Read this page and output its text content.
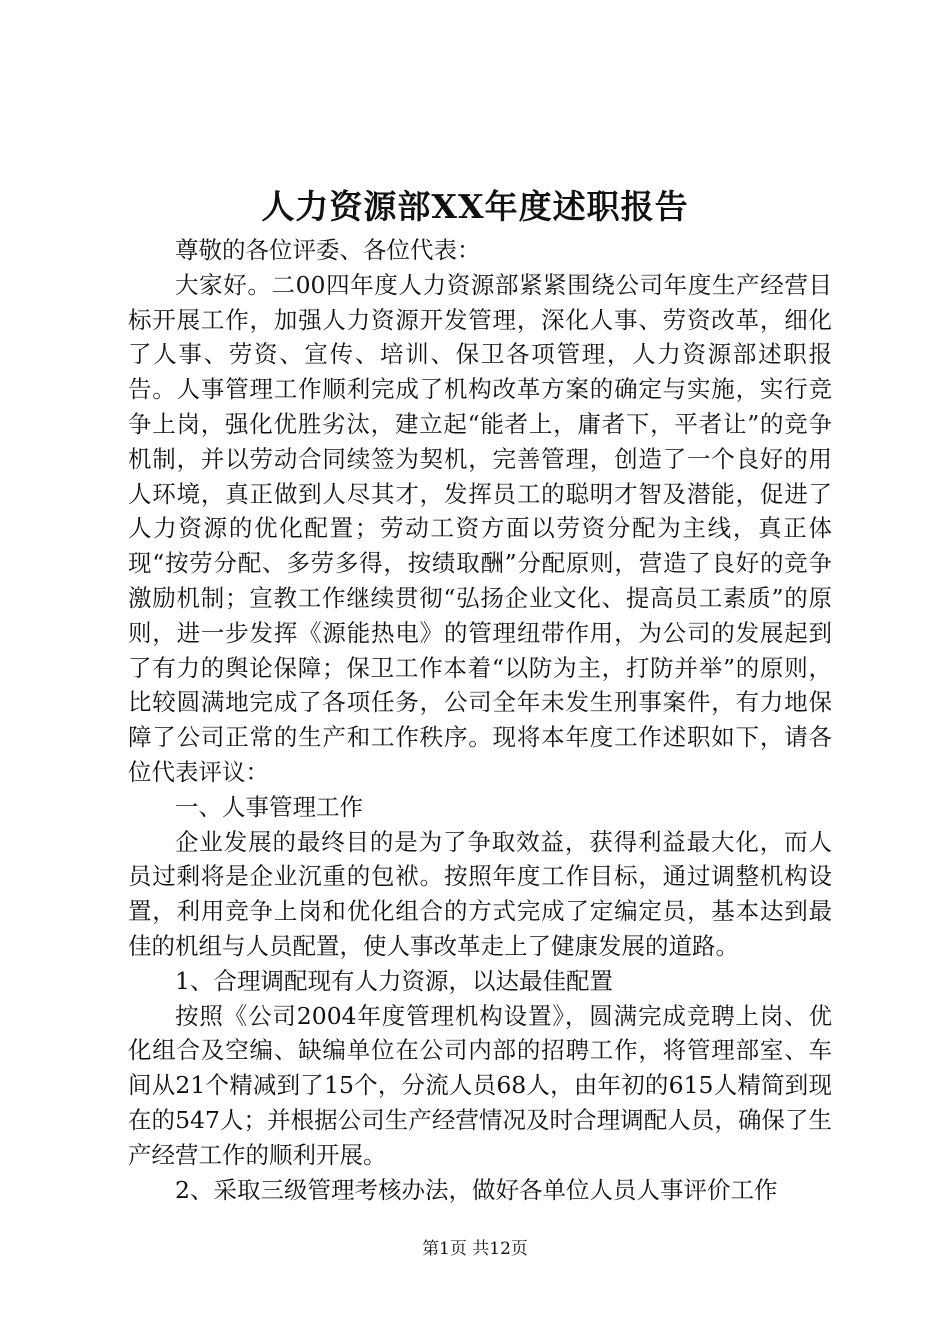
人力资源部XX年度述职报告

尊敬的各位评委、各位代表：

大家好。二00四年度人力资源部紧紧围绕公司年度生产经营目标开展工作，加强人力资源开发管理，深化人事、劳资改革，细化了人事、劳资、宣传、培训、保卫各项管理，人力资源部述职报告。人事管理工作顺利完成了机构改革方案的确定与实施，实行竞争上岗，强化优胜劣汰，建立起“能者上，庸者下，平者让”的竞争机制，并以劳动合同续签为契机，完善管理，创造了一个良好的用人环境，真正做到人尽其才，发挥员工的聪明才智及潜能，促进了人力资源的优化配置；劳动工资方面以劳资分配为主线，真正体现“按劳分配、多劳多得，按绩取酬”分配原则，营造了良好的竞争激励机制；宣教工作继续贯彻“弘扬企业文化、提高员工素质”的原则，进一步发挥《源能热电》的管理纽带作用，为公司的发展起到了有力的舆论保障；保卫工作本着“以防为主，打防并举”的原则，比较圆满地完成了各项任务，公司全年未发生刑事案件，有力地保障了公司正常的生产和工作秩序。现将本年度工作述职如下，请各位代表评议：

一、人事管理工作

企业发展的最终目的是为了争取效益，获得利益最大化，而人员过剩将是企业沉重的包袱。按照年度工作目标，通过调整机构设置，利用竞争上岗和优化组合的方式完成了定编定员，基本达到最佳的机组与人员配置，使人事改革走上了健康发展的道路。

1、合理调配现有人力资源，以达最佳配置

按照《公司2004年度管理机构设置》，圆满完成竞聘上岗、优化组合及空编、缺编单位在公司内部的招聘工作，将管理部室、车间从21个精减到了15个，分流人员68人，由年初的615人精简到现在的547人；并根据公司生产经营情况及时合理调配人员，确保了生产经营工作的顺利开展。

2、采取三级管理考核办法，做好各单位人员人事评价工作

第1页 共12页
